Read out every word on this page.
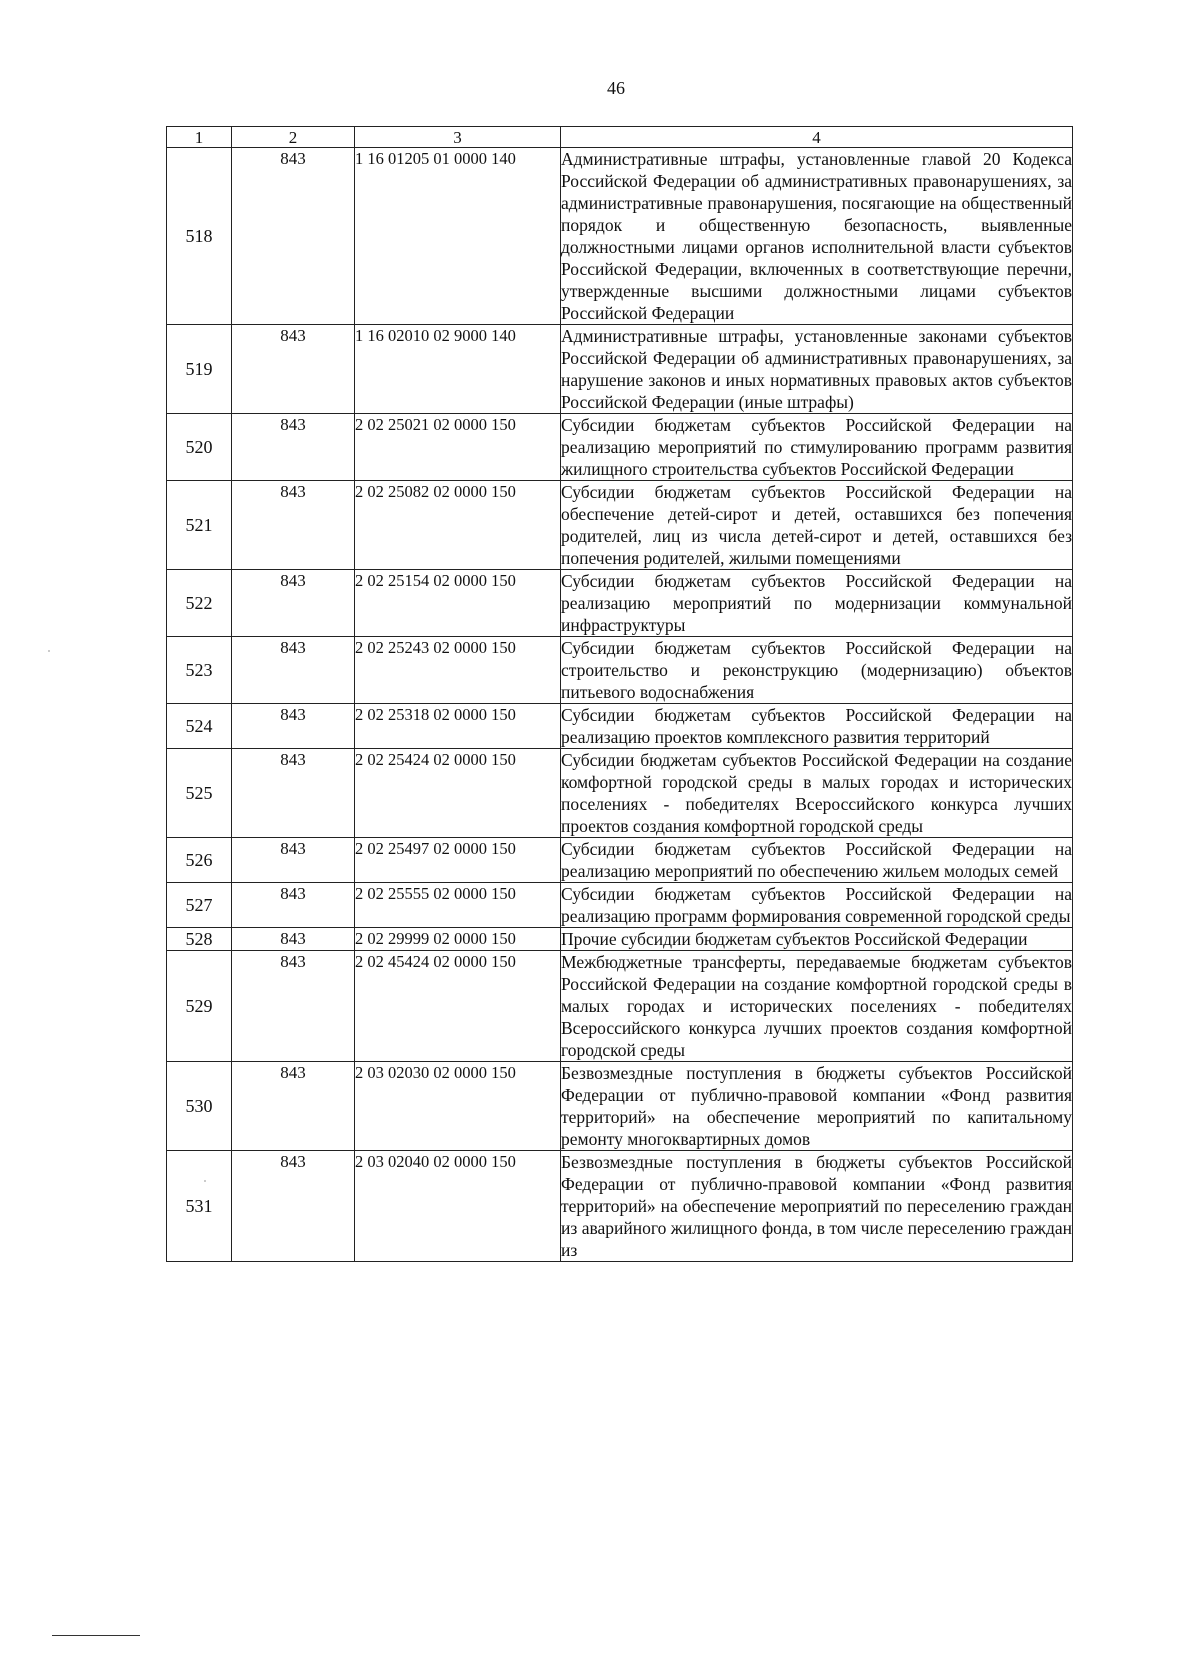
46
1	2	3	4
518	843	1 16 01205 01 0000 140	Административные штрафы, установленные главой 20 Кодекса Российской Федерации об административных правонарушениях, за административные правонарушения, посягающие на общественный порядок и общественную безопасность, выявленные должностными лицами органов исполнительной власти субъектов Российской Федерации, включенных в соответствующие перечни, утвержденные высшими должностными лицами субъектов Российской Федерации
519	843	1 16 02010 02 9000 140	Административные штрафы, установленные законами субъектов Российской Федерации об административных правонарушениях, за нарушение законов и иных нормативных правовых актов субъектов Российской Федерации (иные штрафы)
520	843	2 02 25021 02 0000 150	Субсидии бюджетам субъектов Российской Федерации на реализацию мероприятий по стимулированию программ развития жилищного строительства субъектов Российской Федерации
521	843	2 02 25082 02 0000 150	Субсидии бюджетам субъектов Российской Федерации на обеспечение детей-сирот и детей, оставшихся без попечения родителей, лиц из числа детей-сирот и детей, оставшихся без попечения родителей, жилыми помещениями
522	843	2 02 25154 02 0000 150	Субсидии бюджетам субъектов Российской Федерации на реализацию мероприятий по модернизации коммунальной инфраструктуры
523	843	2 02 25243 02 0000 150	Субсидии бюджетам субъектов Российской Федерации на строительство и реконструкцию (модернизацию) объектов питьевого водоснабжения
524	843	2 02 25318 02 0000 150	Субсидии бюджетам субъектов Российской Федерации на реализацию проектов комплексного развития территорий
525	843	2 02 25424 02 0000 150	Субсидии бюджетам субъектов Российской Федерации на создание комфортной городской среды в малых городах и исторических поселениях - победителях Всероссийского конкурса лучших проектов создания комфортной городской среды
526	843	2 02 25497 02 0000 150	Субсидии бюджетам субъектов Российской Федерации на реализацию мероприятий по обеспечению жильем молодых семей
527	843	2 02 25555 02 0000 150	Субсидии бюджетам субъектов Российской Федерации на реализацию программ формирования современной городской среды
528	843	2 02 29999 02 0000 150	Прочие субсидии бюджетам субъектов Российской Федерации
529	843	2 02 45424 02 0000 150	Межбюджетные трансферты, передаваемые бюджетам субъектов Российской Федерации на создание комфортной городской среды в малых городах и исторических поселениях - победителях Всероссийского конкурса лучших проектов создания комфортной городской среды
530	843	2 03 02030 02 0000 150	Безвозмездные поступления в бюджеты субъектов Российской Федерации от публично-правовой компании «Фонд развития территорий» на обеспечение мероприятий по капитальному ремонту многоквартирных домов
531	843	2 03 02040 02 0000 150	Безвозмездные поступления в бюджеты субъектов Российской Федерации от публично-правовой компании «Фонд развития территорий» на обеспечение мероприятий по переселению граждан из аварийного жилищного фонда, в том числе переселению граждан из
